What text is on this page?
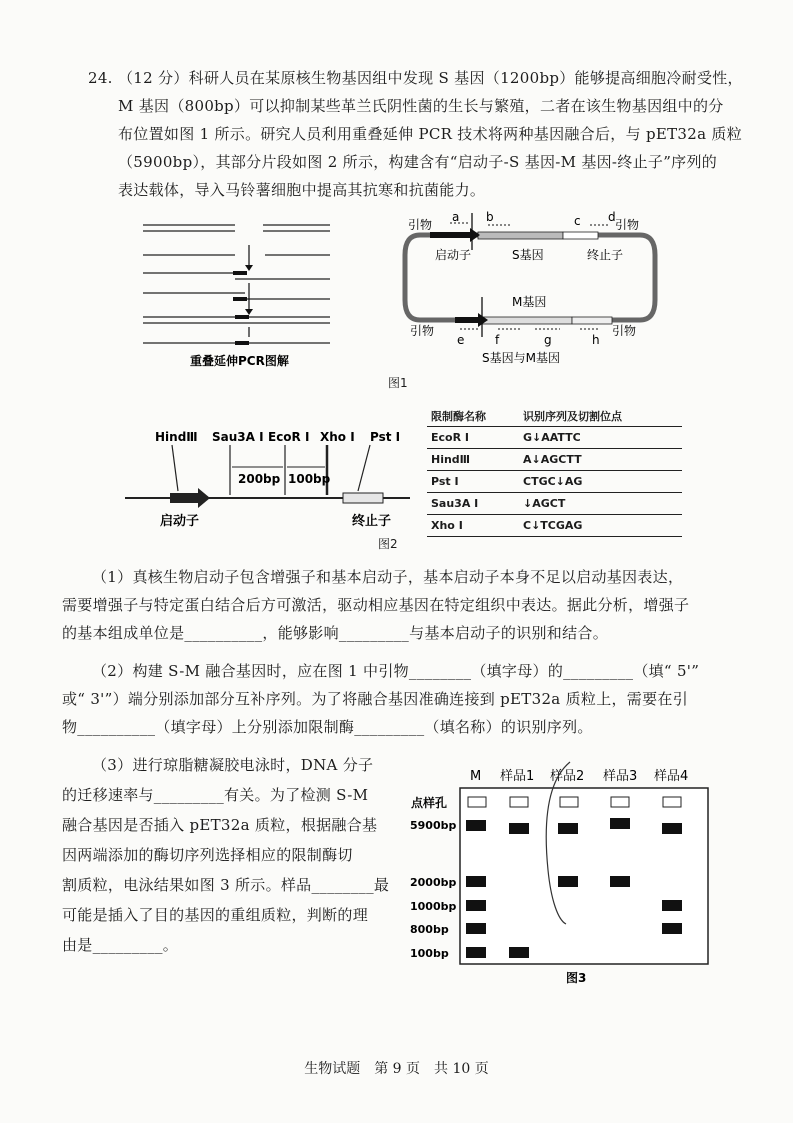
24. （12 分）科研人员在某原核生物基因组中发现 S 基因（1200bp）能够提高细胞冷耐受性，
M 基因（800bp）可以抑制某些革兰氏阴性菌的生长与繁殖，二者在该生物基因组中的分
布位置如图 1 所示。研究人员利用重叠延伸 PCR 技术将两种基因融合后，与 pET32a 质粒
（5900bp），其部分片段如图 2 所示，构建含有“启动子-S 基因-M 基因-终止子”序列的
表达载体，导入马铃薯细胞中提高其抗寒和抗菌能力。
重叠延伸PCR图解
引物	引物
引物	引物
a b	c d
e	f	g	h
启动子	S基因	终止子
M基因
S基因与M基因
图1
HindⅢ Sau3A Ⅰ EcoR Ⅰ Xho Ⅰ Pst Ⅰ
200bp 100bp
启动子	终止子
图2
限制酶名称	识别序列及切割位点
EcoR Ⅰ	G↓AATTC
HindⅢ	A↓AGCTT
Pst Ⅰ	CTGC↓AG
Sau3A Ⅰ	↓AGCT
Xho Ⅰ	C↓TCGAG
（1）真核生物启动子包含增强子和基本启动子，基本启动子本身不足以启动基因表达，
需要增强子与特定蛋白结合后方可激活，驱动相应基因在特定组织中表达。据此分析，增强子
的基本组成单位是__________，能够影响_________与基本启动子的识别和结合。
（2）构建 S-M 融合基因时，应在图 1 中引物________（填字母）的_________（填“ 5'”
或“ 3'”）端分别添加部分互补序列。为了将融合基因准确连接到 pET32a 质粒上，需要在引
物__________（填字母）上分别添加限制酶_________（填名称）的识别序列。
（3）进行琼脂糖凝胶电泳时，DNA 分子
的迁移速率与_________有关。为了检测 S-M
融合基因是否插入 pET32a 质粒，根据融合基
因两端添加的酶切序列选择相应的限制酶切
割质粒，电泳结果如图 3 所示。样品________最
可能是插入了目的基因的重组质粒，判断的理
由是_________。
M 样品1 样品2 样品3 样品4
点样孔
5900bp
2000bp
1000bp
800bp
100bp
图3
生物试题　第 9 页　共 10 页
